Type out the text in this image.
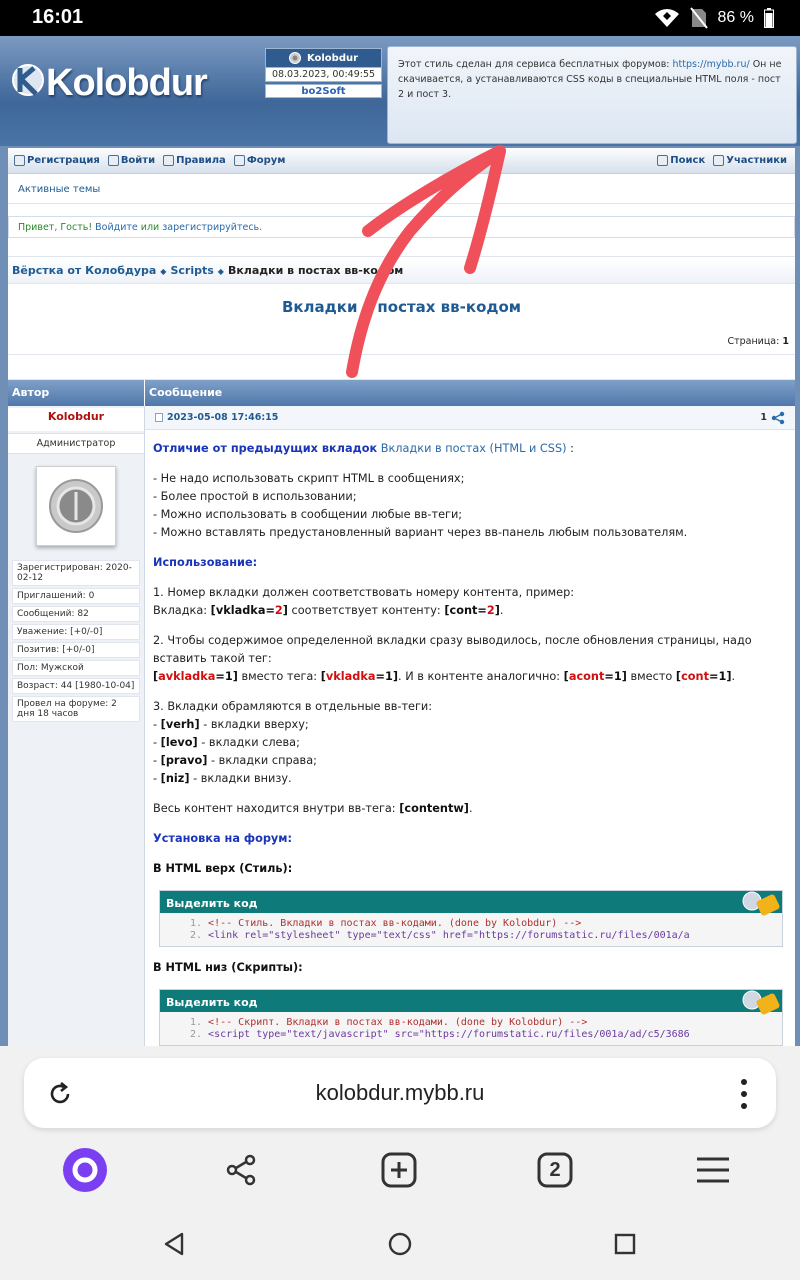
16:01	86 %
Kolobdur
Kolobdur
08.03.2023, 00:49:55
bo2Soft
Этот стиль сделан для сервиса бесплатных форумов: https://mybb.ru/ Он не скачивается, а устанавливаются CSS коды в специальные HTML поля - пост 2 и пост 3.
Регистрация Войти Правила Форум	Поиск Участники
Активные темы
Привет, Гость! Войдите или зарегистрируйтесь.
Вёрстка от Колобдура ◆ Scripts ◆ Вкладки в постах вв-кодом
Вкладки в постах вв-кодом
Страница: 1
Автор	Сообщение
Kolobdur
Администратор
Зарегистрирован: 2020-02-12
Приглашений: 0
Сообщений: 82
Уважение: [+0/-0]
Позитив: [+0/-0]
Пол: Мужской
Возраст: 44 [1980-10-04]
Провел на форуме: 2 дня 18 часов
2023-05-08 17:46:15	1

Отличие от предыдущих вкладок Вкладки в постах (HTML и CSS) :

- Не надо использовать скрипт HTML в сообщениях;
- Более простой в использовании;
- Можно использовать в сообщении любые вв-теги;
- Можно вставлять предустановленный вариант через вв-панель любым пользователям.

Использование:

1. Номер вкладки должен соответствовать номеру контента, пример:
Вкладка: [vkladka=2] соответствует контенту: [cont=2].

2. Чтобы содержимое определенной вкладки сразу выводилось, после обновления страницы, надо вставить такой тег:
[avkladka=1] вместо тега: [vkladka=1]. И в контенте аналогично: [acont=1] вместо [cont=1].

3. Вкладки обрамляются в отдельные вв-теги:
- [verh] - вкладки вверху;
- [levo] - вкладки слева;
- [pravo] - вкладки справа;
- [niz] - вкладки внизу.

Весь контент находится внутри вв-тега: [contentw].

Установка на форум:

В HTML верх (Стиль):

Выделить код
1. <!-- Стиль. Вкладки в постах вв-кодами. (done by Kolobdur) -->
2. <link rel="stylesheet" type="text/css" href="https://forumstatic.ru/files/001a/a

В HTML низ (Скрипты):

Выделить код
1. <!-- Скрипт. Вкладки в постах вв-кодами. (done by Kolobdur) -->
2. <script type="text/javascript" src="https://forumstatic.ru/files/001a/ad/c5/3686
kolobdur.mybb.ru
2
